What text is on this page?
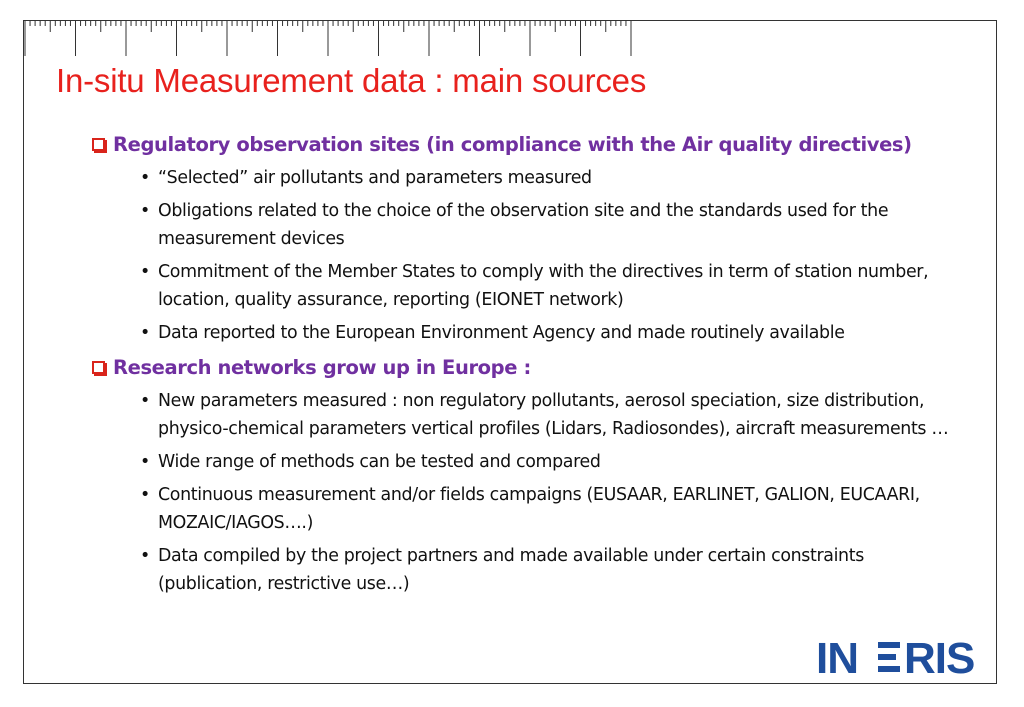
In-situ Measurement data : main sources
Regulatory observation sites (in compliance with the Air quality directives)
• “Selected” air pollutants and parameters measured
• Obligations related to the choice of the observation site and the standards used for the measurement devices
• Commitment of the Member States to comply with the directives in term of station number, location, quality assurance, reporting (EIONET network)
• Data reported to the European Environment Agency and made routinely available
Research networks grow up in Europe :
• New parameters measured : non regulatory pollutants, aerosol speciation, size distribution, physico-chemical parameters vertical profiles (Lidars, Radiosondes), aircraft measurements …
• Wide range of methods can be tested and compared
• Continuous measurement and/or fields campaigns (EUSAAR, EARLINET, GALION, EUCAARI, MOZAIC/IAGOS….)
• Data compiled by the project partners and made available under certain constraints (publication, restrictive use…)
IN RIS
